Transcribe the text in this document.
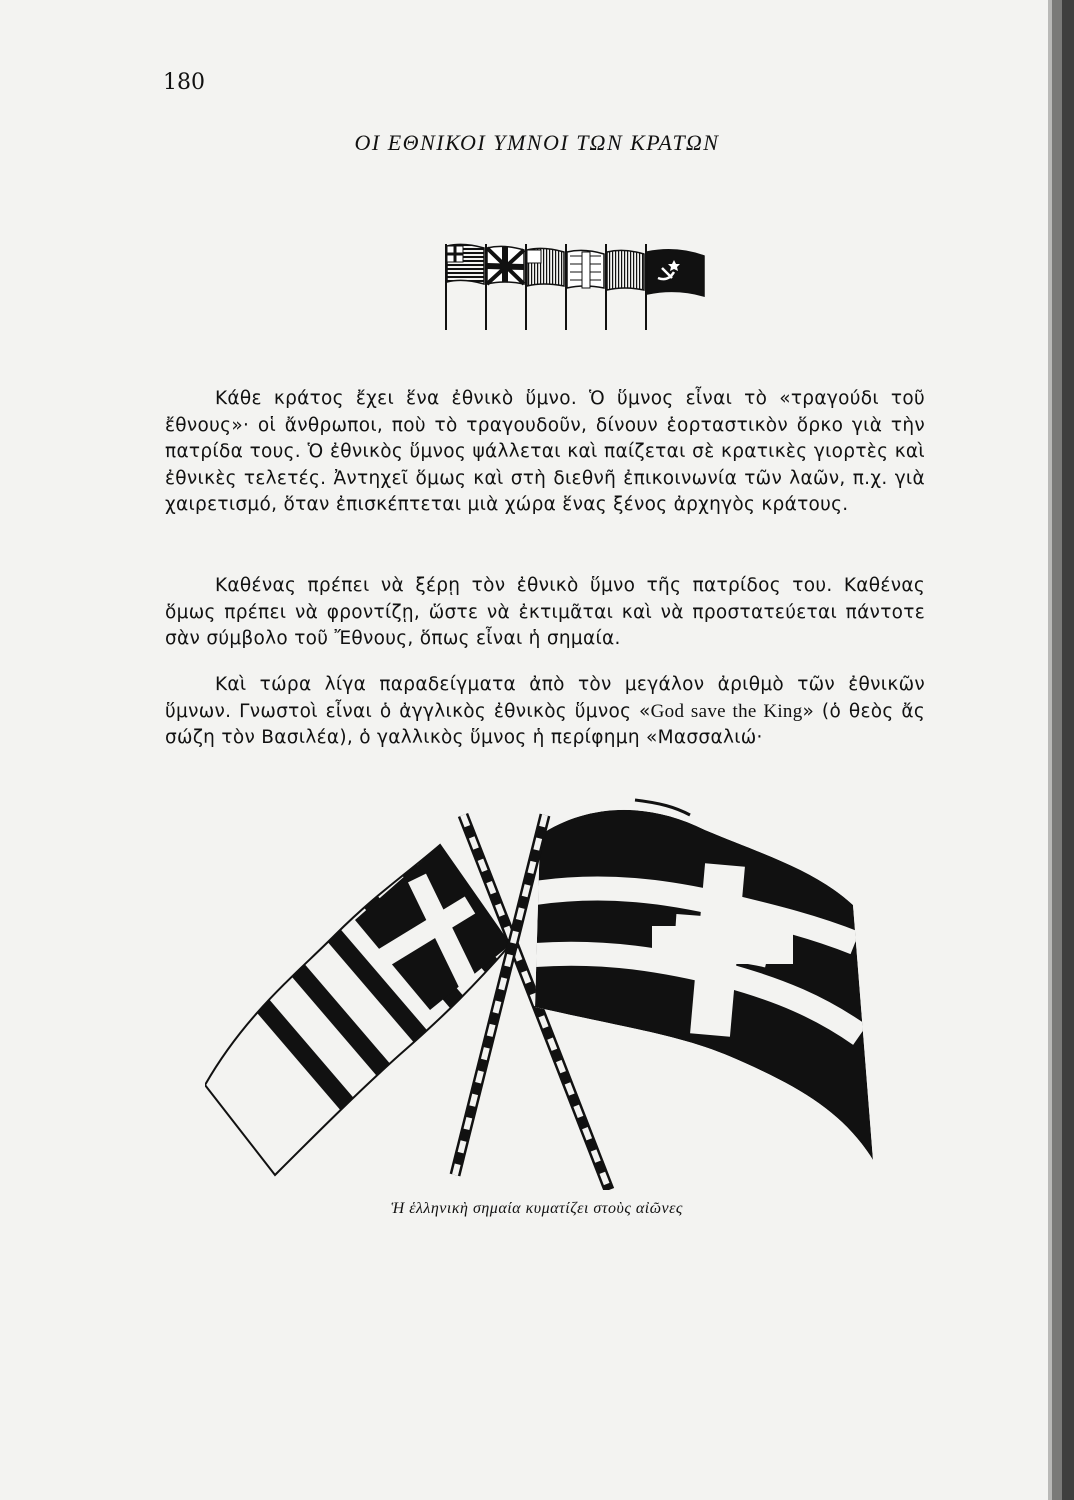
180
ΟΙ ΕΘΝΙΚΟΙ ΥΜΝΟΙ ΤΩΝ ΚΡΑΤΩΝ

Κάθε κράτος ἔχει ἕνα ἐθνικὸ ὕμνο. Ὁ ὕμνος εἶναι τὸ «τραγούδι τοῦ ἔθνους»· οἱ ἄνθρωποι, ποὺ τὸ τραγουδοῦν, δίνουν ἑορταστικὸν ὅρκο γιὰ τὴν πατρίδα τους. Ὁ ἐθνικὸς ὕμνος ψάλλεται καὶ παίζεται σὲ κρατικὲς γιορτὲς καὶ ἐθνικὲς τελετές. Ἀντηχεῖ ὅμως καὶ στὴ διεθνῆ ἐπικοινωνία τῶν λαῶν, π.χ. γιὰ χαιρετισμό, ὅταν ἐπισκέπτεται μιὰ χώρα ἕνας ξένος ἀρχηγὸς κράτους.

Καθένας πρέπει νὰ ξέρῃ τὸν ἐθνικὸ ὕμνο τῆς πατρίδος του. Καθένας ὅμως πρέπει νὰ φροντίζῃ, ὥστε νὰ ἐκτιμᾶται καὶ νὰ προστατεύεται πάντοτε σὰν σύμβολο τοῦ Ἔθνους, ὅπως εἶναι ἡ σημαία.

Καὶ τώρα λίγα παραδείγματα ἀπὸ τὸν μεγάλον ἀριθμὸ τῶν ἐθνικῶν ὕμνων. Γνωστοὶ εἶναι ὁ ἀγγλικὸς ἐθνικὸς ὕμνος «God save the King» (ὁ θεὸς ἄς σώζη τὸν Βασιλέα), ὁ γαλλικὸς ὕμνος ἡ περίφημη «Μασσαλιώ·

Ἡ ἑλληνικὴ σημαία κυματίζει στοὺς αἰῶνες
